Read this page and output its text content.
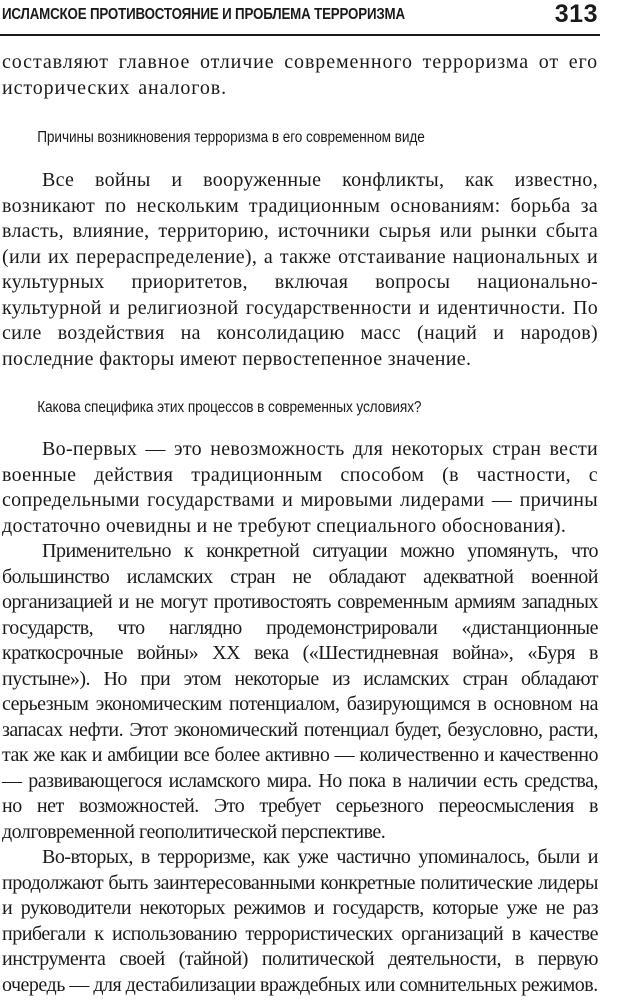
ИСЛАМСКОЕ ПРОТИВОСТОЯНИЕ И ПРОБЛЕМА ТЕРРОРИЗМА	313

составляют главное отличие современного терроризма от его исторических аналогов.

Причины возникновения терроризма в его современном виде

Все войны и вооруженные конфликты, как известно, возникают по нескольким традиционным основаниям: борьба за власть, влияние, территорию, источники сырья или рынки сбыта (или их перераспределение), а также отстаивание национальных и культурных приоритетов, включая вопросы национально-культурной и религиозной государственности и идентичности. По силе воздействия на консолидацию масс (наций и народов) последние факторы имеют первостепенное значение.

Какова специфика этих процессов в современных условиях?

Во-первых — это невозможность для некоторых стран вести военные действия традиционным способом (в частности, с сопредельными государствами и мировыми лидерами — причины достаточно очевидны и не требуют специального обоснования).

Применительно к конкретной ситуации можно упомянуть, что большинство исламских стран не обладают адекватной военной организацией и не могут противостоять современным армиям западных государств, что наглядно продемонстрировали «дистанционные краткосрочные войны» XX века («Шестидневная война», «Буря в пустыне»). Но при этом некоторые из исламских стран обладают серьезным экономическим потенциалом, базирующимся в основном на запасах нефти. Этот экономический потенциал будет, безусловно, расти, так же как и амбиции все более активно — количественно и качественно — развивающегося исламского мира. Но пока в наличии есть средства, но нет возможностей. Это требует серьезного переосмысления в долговременной геополитической перспективе.

Во-вторых, в терроризме, как уже частично упоминалось, были и продолжают быть заинтересованными конкретные политические лидеры и руководители некоторых режимов и государств, которые уже не раз прибегали к использованию террористических организаций в качестве инструмента своей (тайной) политической деятельности, в первую очередь — для дестабилизации враждебных или сомнительных режимов.
